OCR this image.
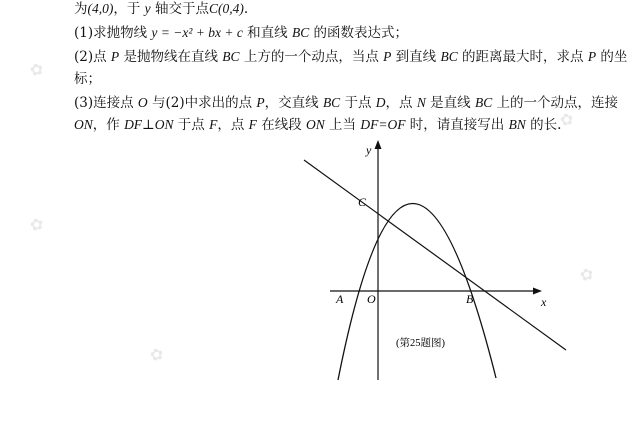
✿
✿
✿
✿
✿
为(4,0)，于 y 轴交于点C(0,4).
(1)求抛物线 y = −x² + bx + c 和直线 BC 的函数表达式；
(2)点 P 是抛物线在直线 BC 上方的一个动点，当点 P 到直线 BC 的距离最大时，求点 P 的坐
标；
(3)连接点 O 与(2)中求出的点 P，交直线 BC 于点 D，点 N 是直线 BC 上的一个动点，连接
ON，作 DF⊥ON 于点 F，点 F 在线段 ON 上当 DF=OF 时，请直接写出 BN 的长.
y
x
A O	B
C
(第25题图)
